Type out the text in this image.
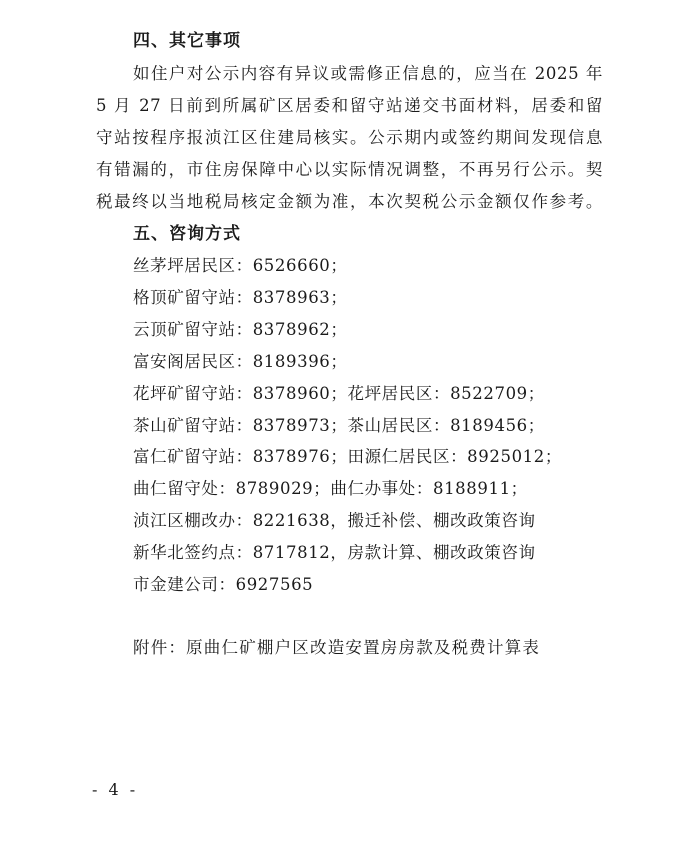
四、其它事项
如住户对公示内容有异议或需修正信息的，应当在 2025 年
5 月 27 日前到所属矿区居委和留守站递交书面材料，居委和留
守站按程序报浈江区住建局核实。公示期内或签约期间发现信息
有错漏的，市住房保障中心以实际情况调整，不再另行公示。契
税最终以当地税局核定金额为准，本次契税公示金额仅作参考。
五、咨询方式
丝茅坪居民区：6526660；
格顶矿留守站：8378963；
云顶矿留守站：8378962；
富安阁居民区：8189396；
花坪矿留守站：8378960；花坪居民区：8522709；
茶山矿留守站：8378973；茶山居民区：8189456；
富仁矿留守站：8378976；田源仁居民区：8925012；
曲仁留守处：8789029；曲仁办事处：8188911；
浈江区棚改办：8221638，搬迁补偿、棚改政策咨询
新华北签约点：8717812，房款计算、棚改政策咨询
市金建公司：6927565
附件：原曲仁矿棚户区改造安置房房款及税费计算表
- 4 -
